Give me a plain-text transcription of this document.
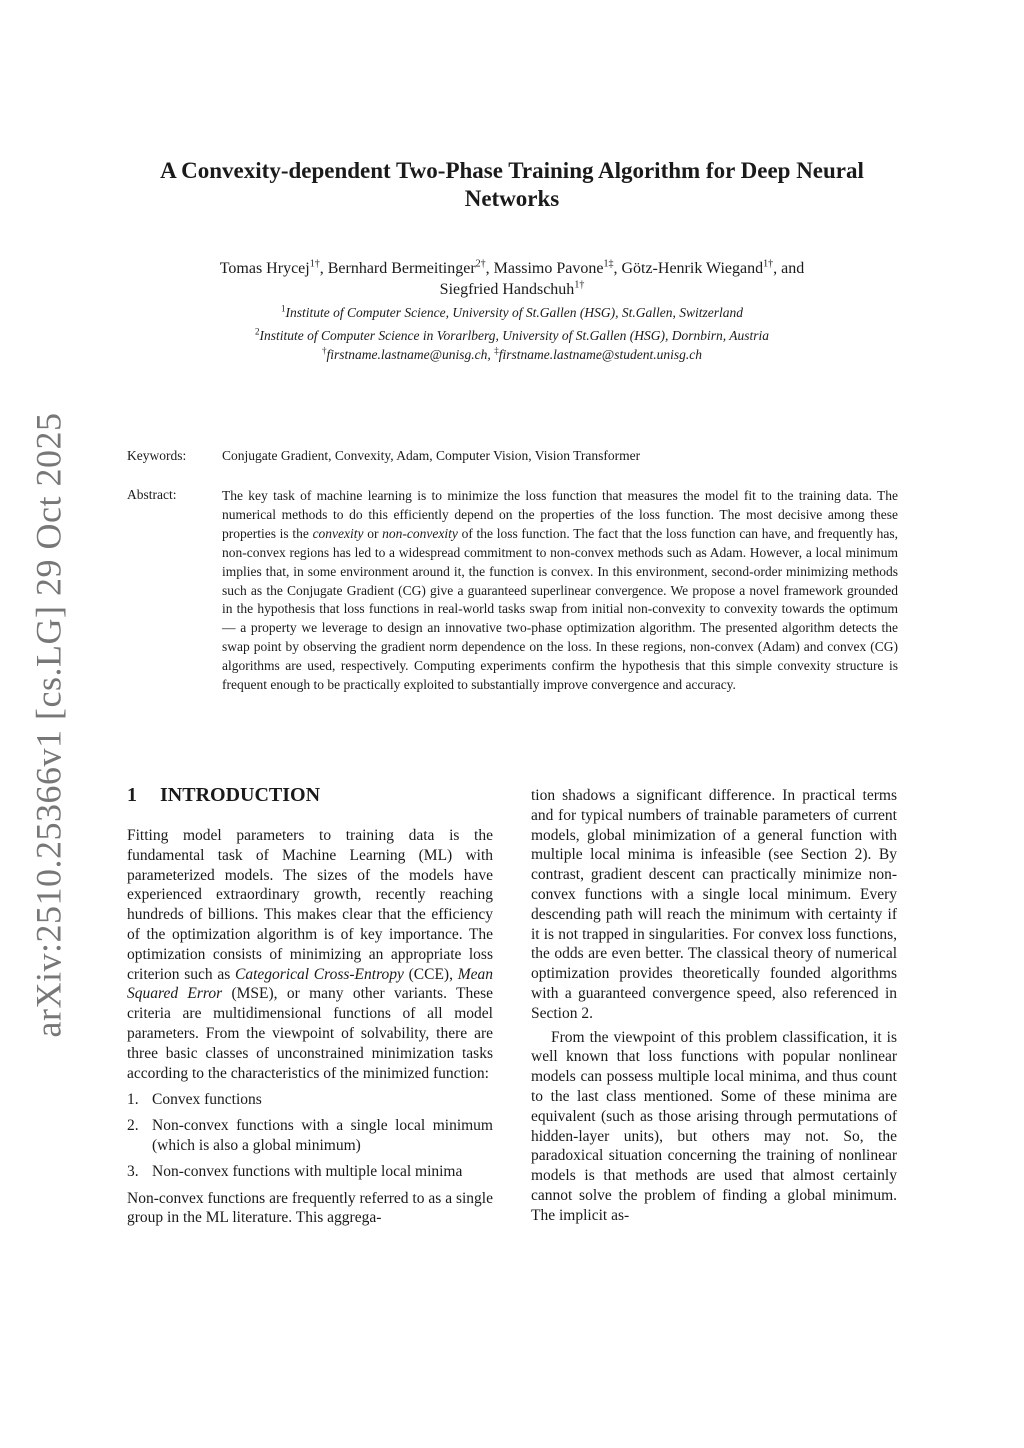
arXiv:2510.25366v1 [cs.LG] 29 Oct 2025
A Convexity-dependent Two-Phase Training Algorithm for Deep Neural Networks
Tomas Hrycej$^{1\dagger}$, Bernhard Bermeitinger$^{2\dagger}$, Massimo Pavone$^{1\ddagger}$, Götz-Henrik Wiegand$^{1\dagger}$, and
Siegfried Handschuh$^{1\dagger}$
$^1$Institute of Computer Science, University of St.Gallen (HSG), St.Gallen, Switzerland
$^2$Institute of Computer Science in Vorarlberg, University of St.Gallen (HSG), Dornbirn, Austria
†firstname.lastname@unisg.ch, ‡firstname.lastname@student.unisg.ch
Keywords:	Conjugate Gradient, Convexity, Adam, Computer Vision, Vision Transformer
Abstract:	The key task of machine learning is to minimize the loss function that measures the model fit to the training data. The numerical methods to do this efficiently depend on the properties of the loss function. The most decisive among these properties is the convexity or non-convexity of the loss function. The fact that the loss function can have, and frequently has, non-convex regions has led to a widespread commitment to non-convex methods such as Adam. However, a local minimum implies that, in some environment around it, the function is convex. In this environment, second-order minimizing methods such as the Conjugate Gradient (CG) give a guaranteed superlinear convergence. We propose a novel framework grounded in the hypothesis that loss functions in real-world tasks swap from initial non-convexity to convexity towards the optimum — a property we leverage to design an innovative two-phase optimization algorithm. The presented algorithm detects the swap point by observing the gradient norm dependence on the loss. In these regions, non-convex (Adam) and convex (CG) algorithms are used, respectively. Computing experiments confirm the hypothesis that this simple convexity structure is frequent enough to be practically exploited to substantially improve convergence and accuracy.

1 INTRODUCTION

Fitting model parameters to training data is the fundamental task of Machine Learning (ML) with parameterized models. The sizes of the models have experienced extraordinary growth, recently reaching hundreds of billions. This makes clear that the efficiency of the optimization algorithm is of key importance. The optimization consists of minimizing an appropriate loss criterion such as Categorical Cross-Entropy (CCE), Mean Squared Error (MSE), or many other variants. These criteria are multidimensional functions of all model parameters. From the viewpoint of solvability, there are three basic classes of unconstrained minimization tasks according to the characteristics of the minimized function:

1. Convex functions
2. Non-convex functions with a single local minimum (which is also a global minimum)
3. Non-convex functions with multiple local minima

Non-convex functions are frequently referred to as a single group in the ML literature. This aggrega-

tion shadows a significant difference. In practical terms and for typical numbers of trainable parameters of current models, global minimization of a general function with multiple local minima is infeasible (see Section 2). By contrast, gradient descent can practically minimize non-convex functions with a single local minimum. Every descending path will reach the minimum with certainty if it is not trapped in singularities. For convex loss functions, the odds are even better. The classical theory of numerical optimization provides theoretically founded algorithms with a guaranteed convergence speed, also referenced in Section 2.

From the viewpoint of this problem classification, it is well known that loss functions with popular nonlinear models can possess multiple local minima, and thus count to the last class mentioned. Some of these minima are equivalent (such as those arising through permutations of hidden-layer units), but others may not. So, the paradoxical situation concerning the training of nonlinear models is that methods are used that almost certainly cannot solve the problem of finding a global minimum. The implicit as-
